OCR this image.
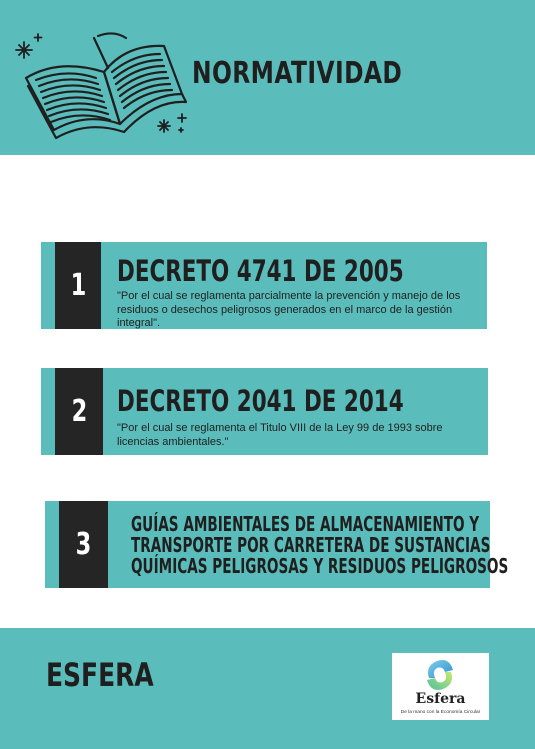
NORMATIVIDAD
1 DECRETO 4741 DE 2005
"Por el cual se reglamenta parcialmente la prevención y manejo de los residuos o desechos peligrosos generados en el marco de la gestión integral".
2 DECRETO 2041 DE 2014
"Por el cual se reglamenta el Titulo VIII de la Ley 99 de 1993 sobre licencias ambientales."
3
GUÍAS AMBIENTALES DE ALMACENAMIENTO Y
TRANSPORTE POR CARRETERA DE SUSTANCIAS
QUÍMICAS PELIGROSAS Y RESIDUOS PELIGROSOS
ESFERA
Esfera
De la mano con la Economía Circular
